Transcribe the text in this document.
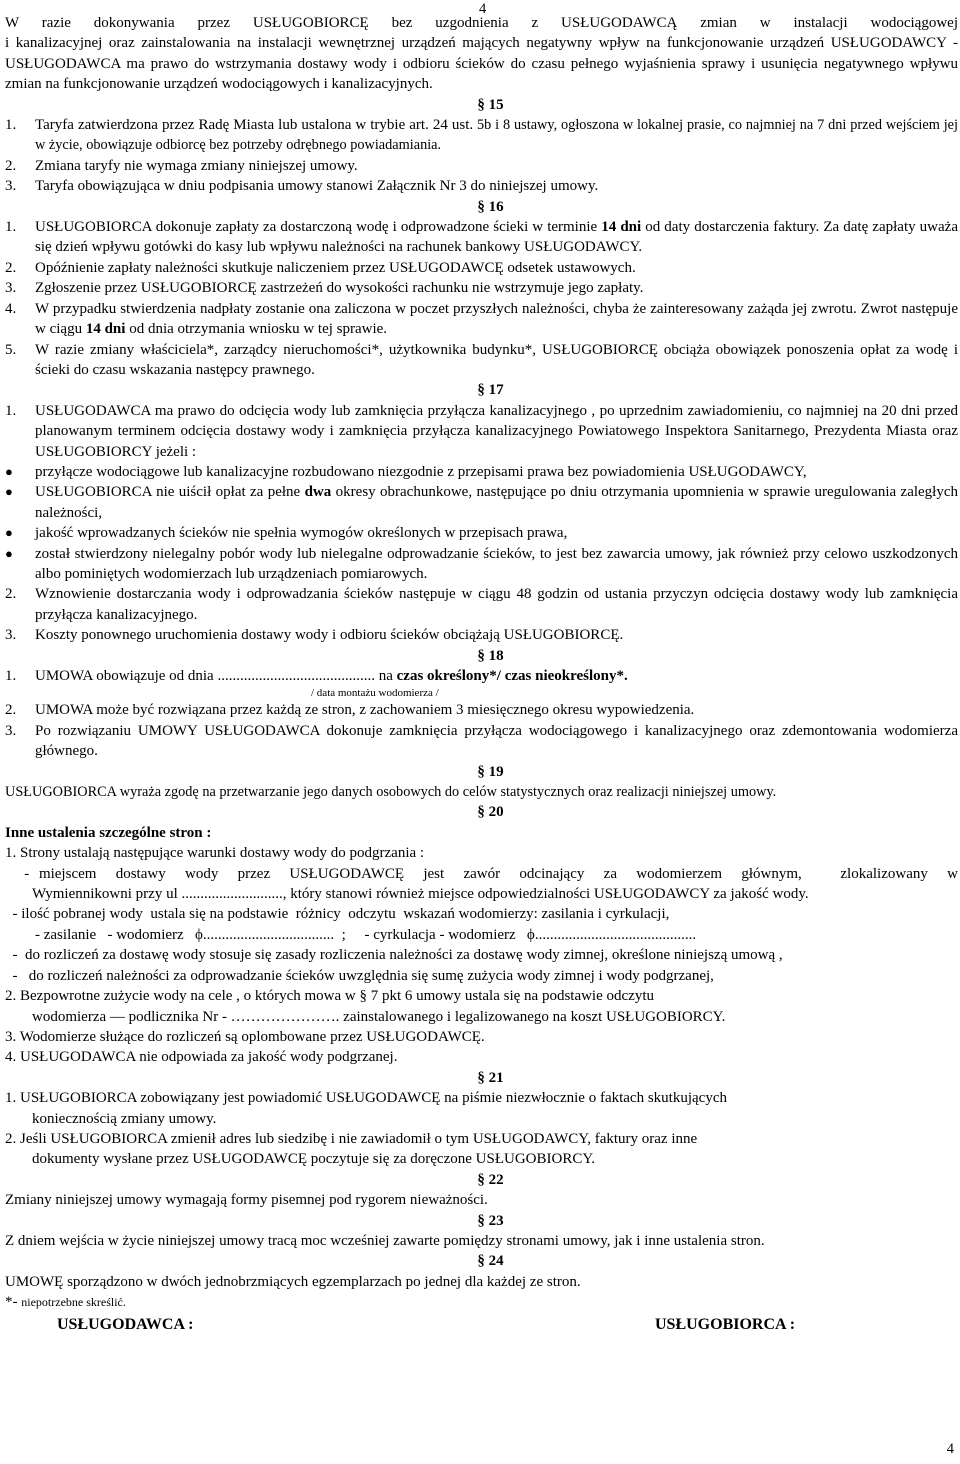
4

W razie dokonywania przez USŁUGOBIORCĘ bez uzgodnienia z USŁUGODAWCĄ zmian w instalacji wodociągowej

i kanalizacyjnej oraz zainstalowania na instalacji wewnętrznej urządzeń mających negatywny wpływ na funkcjonowanie urządzeń USŁUGODAWCY - USŁUGODAWCA ma prawo do wstrzymania dostawy wody i odbioru ścieków do czasu pełnego wyjaśnienia sprawy i usunięcia negatywnego wpływu zmian na funkcjonowanie urządzeń wodociągowych i kanalizacyjnych.

§ 15

1.	Taryfa zatwierdzona przez Radę Miasta lub ustalona w trybie art. 24 ust. 5b i 8 ustawy, ogłoszona w lokalnej prasie, co najmniej na 7 dni przed wejściem jej w życie, obowiązuje odbiorcę bez potrzeby odrębnego powiadamiania.
2.	Zmiana taryfy nie wymaga zmiany niniejszej umowy.
3.	Taryfa obowiązująca w dniu podpisania umowy stanowi Załącznik Nr 3 do niniejszej umowy.

§ 16

1.	USŁUGOBIORCA dokonuje zapłaty za dostarczoną wodę i odprowadzone ścieki w terminie 14 dni od daty dostarczenia faktury. Za datę zapłaty uważa się dzień wpływu gotówki do kasy lub wpływu należności na rachunek bankowy USŁUGODAWCY.
2.	Opóźnienie zapłaty należności skutkuje naliczeniem przez USŁUGODAWCĘ odsetek ustawowych.
3.	Zgłoszenie przez USŁUGOBIORCĘ zastrzeżeń do wysokości rachunku nie wstrzymuje jego zapłaty.
4.	W przypadku stwierdzenia nadpłaty zostanie ona zaliczona w poczet przyszłych należności, chyba że zainteresowany zażąda jej zwrotu. Zwrot następuje w ciągu 14 dni od dnia otrzymania wniosku w tej sprawie.
5.	W razie zmiany właściciela*, zarządcy nieruchomości*, użytkownika budynku*, USŁUGOBIORCĘ obciąża obowiązek ponoszenia opłat za wodę i ścieki do czasu wskazania następcy prawnego.

§ 17

1.	USŁUGODAWCA ma prawo do odcięcia wody lub zamknięcia przyłącza kanalizacyjnego , po uprzednim zawiadomieniu, co najmniej na 20 dni przed planowanym terminem odcięcia dostawy wody i zamknięcia przyłącza kanalizacyjnego Powiatowego Inspektora Sanitarnego, Prezydenta Miasta oraz USŁUGOBIORCY jeżeli :
●	przyłącze wodociągowe lub kanalizacyjne rozbudowano niezgodnie z przepisami prawa bez powiadomienia USŁUGODAWCY,
●	USŁUGOBIORCA nie uiścił opłat za pełne dwa okresy obrachunkowe, następujące po dniu otrzymania upomnienia w sprawie uregulowania zaległych należności,
●	jakość wprowadzanych ścieków nie spełnia wymogów określonych w przepisach prawa,
●	został stwierdzony nielegalny pobór wody lub nielegalne odprowadzanie ścieków, to jest bez zawarcia umowy, jak również przy celowo uszkodzonych albo pominiętych wodomierzach lub urządzeniach pomiarowych.
2.	Wznowienie dostarczania wody i odprowadzania ścieków następuje w ciągu 48 godzin od ustania przyczyn odcięcia dostawy wody lub zamknięcia przyłącza kanalizacyjnego.
3.	Koszty ponownego uruchomienia dostawy wody i odbioru ścieków obciążają USŁUGOBIORCĘ.

§ 18

1.	UMOWA obowiązuje od dnia .......................................... na czas określony*/ czas nieokreślony*.

/ data montażu wodomierza /

2.	UMOWA może być rozwiązana przez każdą ze stron, z zachowaniem 3 miesięcznego okresu wypowiedzenia.
3.	Po rozwiązaniu UMOWY USŁUGODAWCA dokonuje zamknięcia przyłącza wodociągowego i kanalizacyjnego oraz zdemontowania wodomierza głównego.

§ 19

USŁUGOBIORCA wyraża zgodę na przetwarzanie jego danych osobowych do celów statystycznych oraz realizacji niniejszej umowy.

§ 20

Inne ustalenia szczególne stron :

1. Strony ustalają następujące warunki dostawy wody do podgrzania :

- miejscem  dostawy  wody  przez  USŁUGODAWCĘ  jest  zawór  odcinający  za  wodomierzem  głównym,    zlokalizowany  w

Wymiennikowni przy ul ..........................., który stanowi również miejsce odpowiedzialności USŁUGODAWCY za jakość wody.

- ilość pobranej wody  ustala się na podstawie  różnicy  odczytu  wskazań wodomierzy: zasilania i cyrkulacji,

- zasilanie   - wodomierz   ϕ...................................  ;     - cyrkulacja - wodomierz   ϕ...........................................

-  do rozliczeń za dostawę wody stosuje się zasady rozliczenia należności za dostawę wody zimnej, określone niniejszą umową ,

-   do rozliczeń należności za odprowadzanie ścieków uwzględnia się sumę zużycia wody zimnej i wody podgrzanej,

2. Bezpowrotne zużycie wody na cele , o których mowa w § 7 pkt 6 umowy ustala się na podstawie odczytu

wodomierza — podlicznika Nr - …………………. zainstalowanego i legalizowanego na koszt USŁUGOBIORCY.

3. Wodomierze służące do rozliczeń są oplombowane przez USŁUGODAWCĘ.

4. USŁUGODAWCA nie odpowiada za jakość wody podgrzanej.

§ 21

1. USŁUGOBIORCA zobowiązany jest powiadomić USŁUGODAWCĘ na piśmie niezwłocznie o faktach skutkujących

koniecznością zmiany umowy.

2. Jeśli USŁUGOBIORCA zmienił adres lub siedzibę i nie zawiadomił o tym USŁUGODAWCY, faktury oraz inne

dokumenty wysłane przez USŁUGODAWCĘ poczytuje się za doręczone USŁUGOBIORCY.

§ 22

Zmiany niniejszej umowy wymagają formy pisemnej pod rygorem nieważności.

§ 23

Z dniem wejścia w życie niniejszej umowy tracą moc wcześniej zawarte pomiędzy stronami umowy, jak i inne ustalenia stron.

§ 24

UMOWĘ sporządzono w dwóch jednobrzmiących egzemplarzach po jednej dla każdej ze stron.

*- niepotrzebne skreślić.

USŁUGODAWCA :	USŁUGOBIORCA :
4
